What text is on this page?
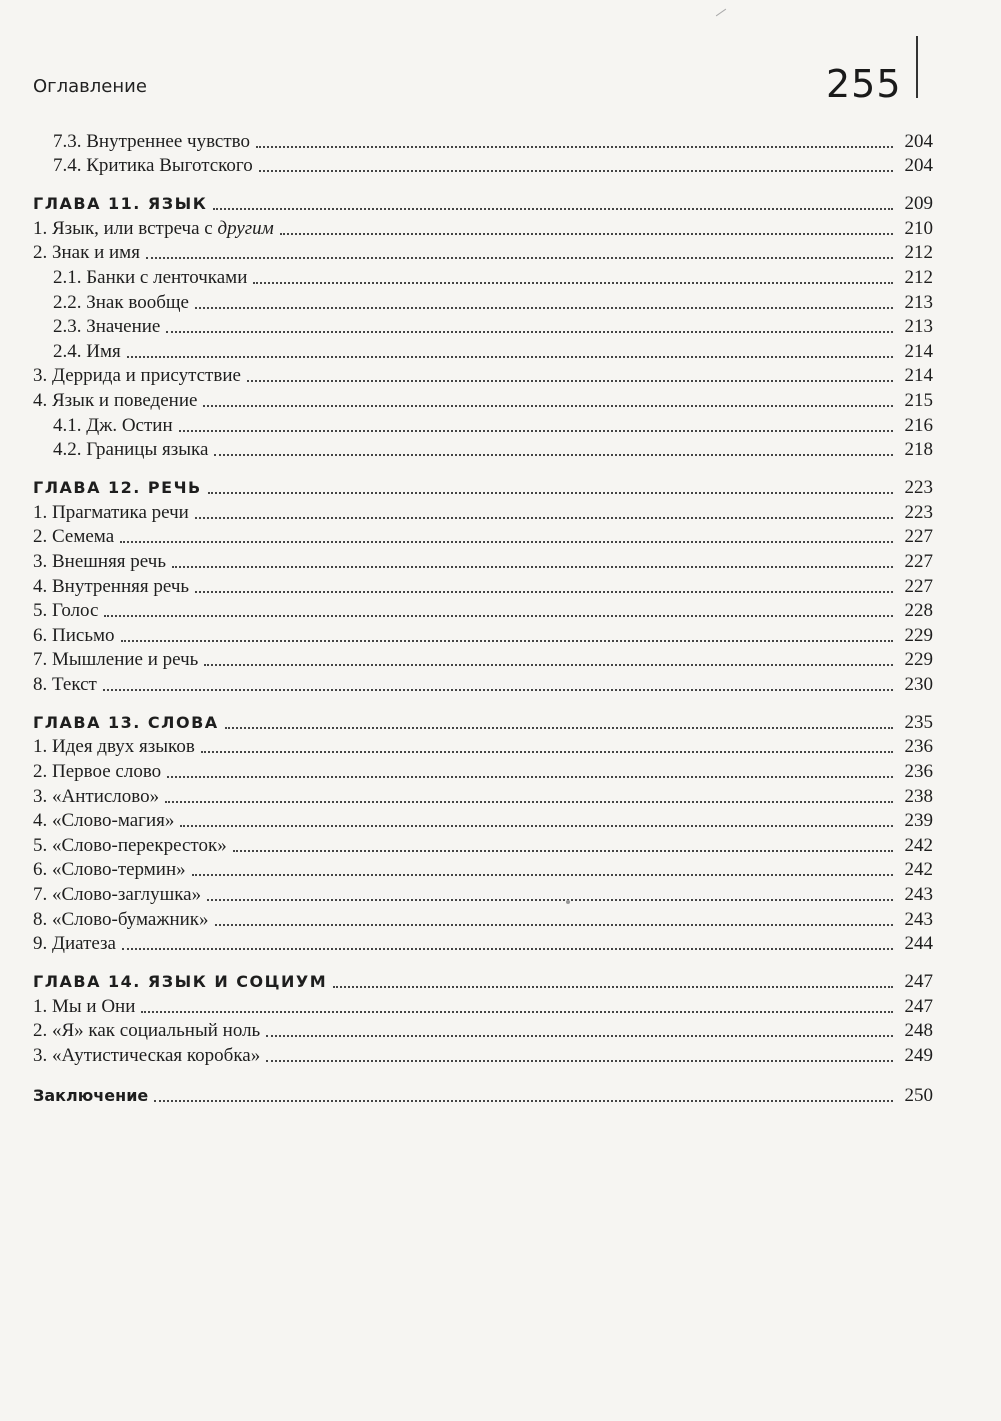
Оглавление	255
7.3. Внутреннее чувство	204
7.4. Критика Выготского	204
ГЛАВА 11. ЯЗЫК	209
1. Язык, или встреча с другим	210
2. Знак и имя	212
2.1. Банки с ленточками	212
2.2. Знак вообще	213
2.3. Значение	213
2.4. Имя	214
3. Деррида и присутствие	214
4. Язык и поведение	215
4.1. Дж. Остин	216
4.2. Границы языка	218
ГЛАВА 12. РЕЧЬ	223
1. Прагматика речи	223
2. Семема	227
3. Внешняя речь	227
4. Внутренняя речь	227
5. Голос	228
6. Письмо	229
7. Мышление и речь	229
8. Текст	230
ГЛАВА 13. СЛОВА	235
1. Идея двух языков	236
2. Первое слово	236
3. «Антислово»	238
4. «Слово-магия»	239
5. «Слово-перекресток»	242
6. «Слово-термин»	242
7. «Слово-заглушка»	243
8. «Слово-бумажник»	243
9. Диатеза	244
ГЛАВА 14. ЯЗЫК И СОЦИУМ	247
1. Мы и Они	247
2. «Я» как социальный ноль	248
3. «Аутистическая коробка»	249
Заключение	250
